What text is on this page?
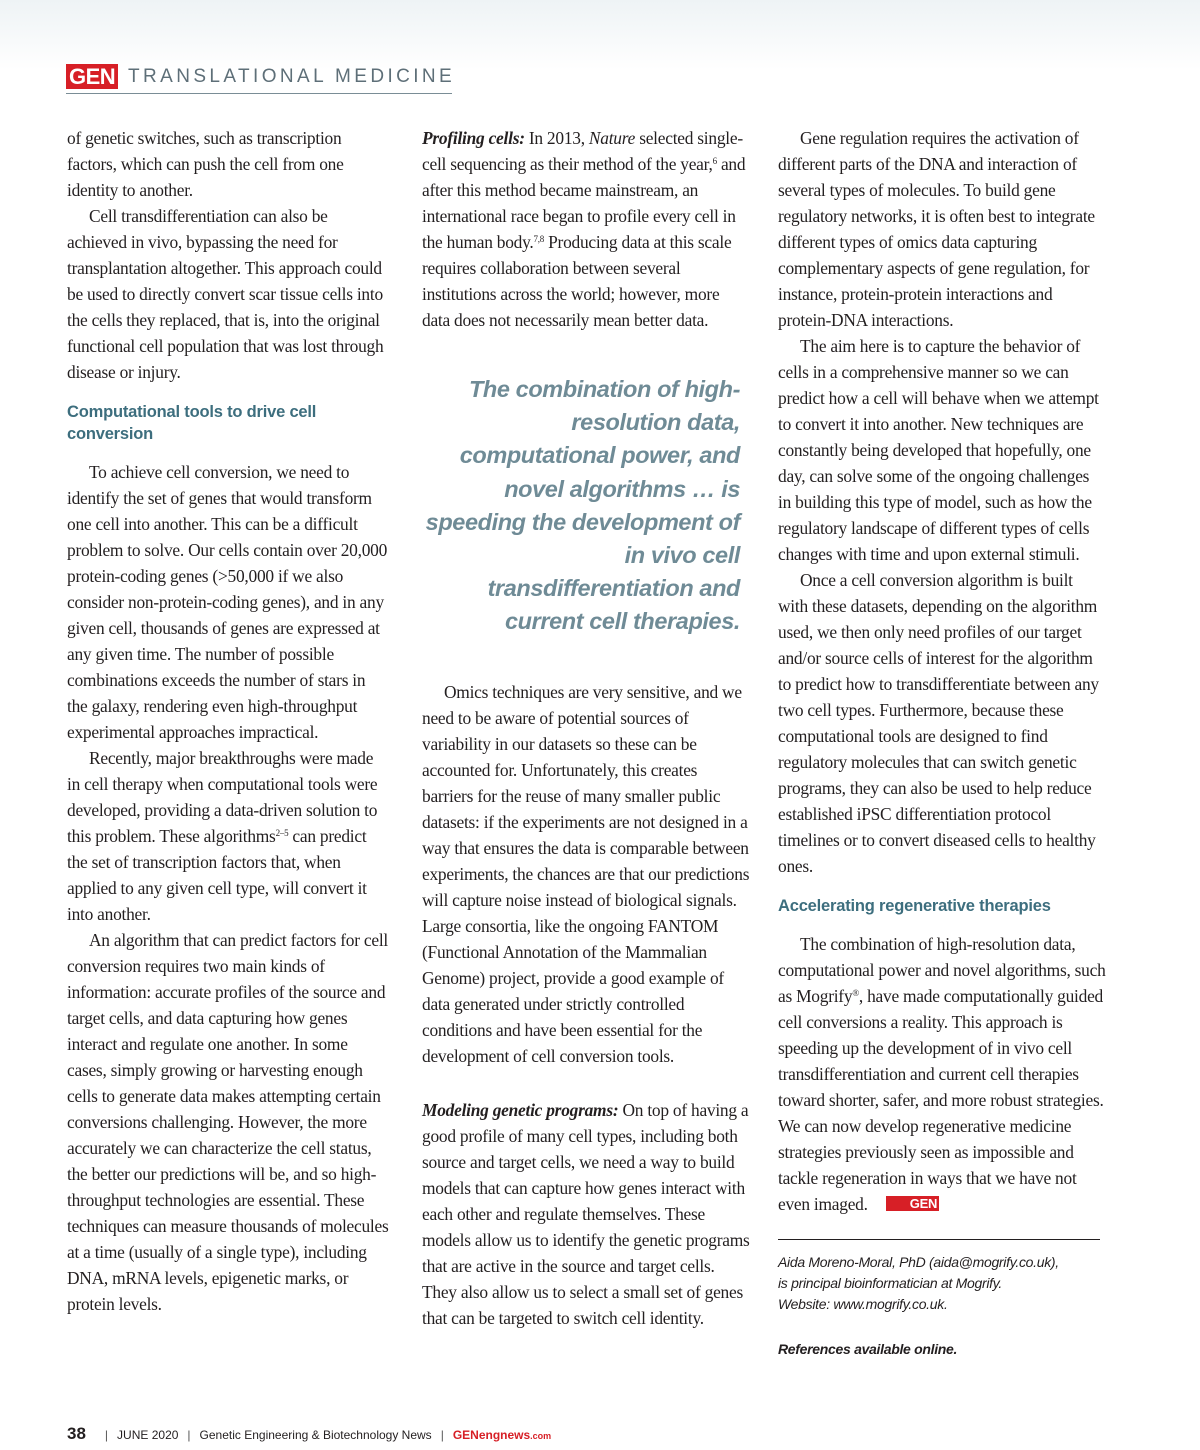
GEN TRANSLATIONAL MEDICINE

of genetic switches, such as transcription factors, which can push the cell from one identity to another.

Cell transdifferentiation can also be achieved in vivo, bypassing the need for transplantation altogether. This approach could be used to directly convert scar tissue cells into the cells they replaced, that is, into the original functional cell population that was lost through disease or injury.

Computational tools to drive cell conversion

To achieve cell conversion, we need to identify the set of genes that would transform one cell into another. This can be a difficult problem to solve. Our cells contain over 20,000 protein-coding genes (>50,000 if we also consider non-protein-coding genes), and in any given cell, thousands of genes are expressed at any given time. The number of possible combinations exceeds the number of stars in the galaxy, rendering even high-throughput experimental approaches impractical.

Recently, major breakthroughs were made in cell therapy when computational tools were developed, providing a data-driven solution to this problem. These algorithms$^{2-5}$ can predict the set of transcription factors that, when applied to any given cell type, will convert it into another.

An algorithm that can predict factors for cell conversion requires two main kinds of information: accurate profiles of the source and target cells, and data capturing how genes interact and regulate one another. In some cases, simply growing or harvesting enough cells to generate data makes attempting certain conversions challenging. However, the more accurately we can characterize the cell status, the better our predictions will be, and so high-throughput technologies are essential. These techniques can measure thousands of molecules at a time (usually of a single type), including DNA, mRNA levels, epigenetic marks, or protein levels.

Profiling cells: In 2013, Nature selected single-cell sequencing as their method of the year,$^6$ and after this method became mainstream, an international race began to profile every cell in the human body.$^{7,8}$ Producing data at this scale requires collaboration between several institutions across the world; however, more data does not necessarily mean better data.

The combination of high-resolution data, computational power, and novel algorithms … is speeding the development of in vivo cell transdifferentiation and current cell therapies.

Omics techniques are very sensitive, and we need to be aware of potential sources of variability in our datasets so these can be accounted for. Unfortunately, this creates barriers for the reuse of many smaller public datasets: if the experiments are not designed in a way that ensures the data is comparable between experiments, the chances are that our predictions will capture noise instead of biological signals. Large consortia, like the ongoing FANTOM (Functional Annotation of the Mammalian Genome) project, provide a good example of data generated under strictly controlled conditions and have been essential for the development of cell conversion tools.

Modeling genetic programs: On top of having a good profile of many cell types, including both source and target cells, we need a way to build models that can capture how genes interact with each other and regulate themselves. These models allow us to identify the genetic programs that are active in the source and target cells. They also allow us to select a small set of genes that can be targeted to switch cell identity.

Gene regulation requires the activation of different parts of the DNA and interaction of several types of molecules. To build gene regulatory networks, it is often best to integrate different types of omics data capturing complementary aspects of gene regulation, for instance, protein-protein interactions and protein-DNA interactions.

The aim here is to capture the behavior of cells in a comprehensive manner so we can predict how a cell will behave when we attempt to convert it into another. New techniques are constantly being developed that hopefully, one day, can solve some of the ongoing challenges in building this type of model, such as how the regulatory landscape of different types of cells changes with time and upon external stimuli.

Once a cell conversion algorithm is built with these datasets, depending on the algorithm used, we then only need profiles of our target and/or source cells of interest for the algorithm to predict how to transdifferentiate between any two cell types. Furthermore, because these computational tools are designed to find regulatory molecules that can switch genetic programs, they can also be used to help reduce established iPSC differentiation protocol timelines or to convert diseased cells to healthy ones.

Accelerating regenerative therapies

The combination of high-resolution data, computational power and novel algorithms, such as Mogrify®, have made computationally guided cell conversions a reality. This approach is speeding up the development of in vivo cell transdifferentiation and current cell therapies toward shorter, safer, and more robust strategies. We can now develop regenerative medicine strategies previously seen as impossible and tackle regeneration in ways that we have not even imaged.	GEN

Aida Moreno-Moral, PhD (aida@mogrify.co.uk),
is principal bioinformatician at Mogrify.
Website: www.mogrify.co.uk.
References available online.
38 | JUNE 2020 | Genetic Engineering & Biotechnology News | GENengnews.com
